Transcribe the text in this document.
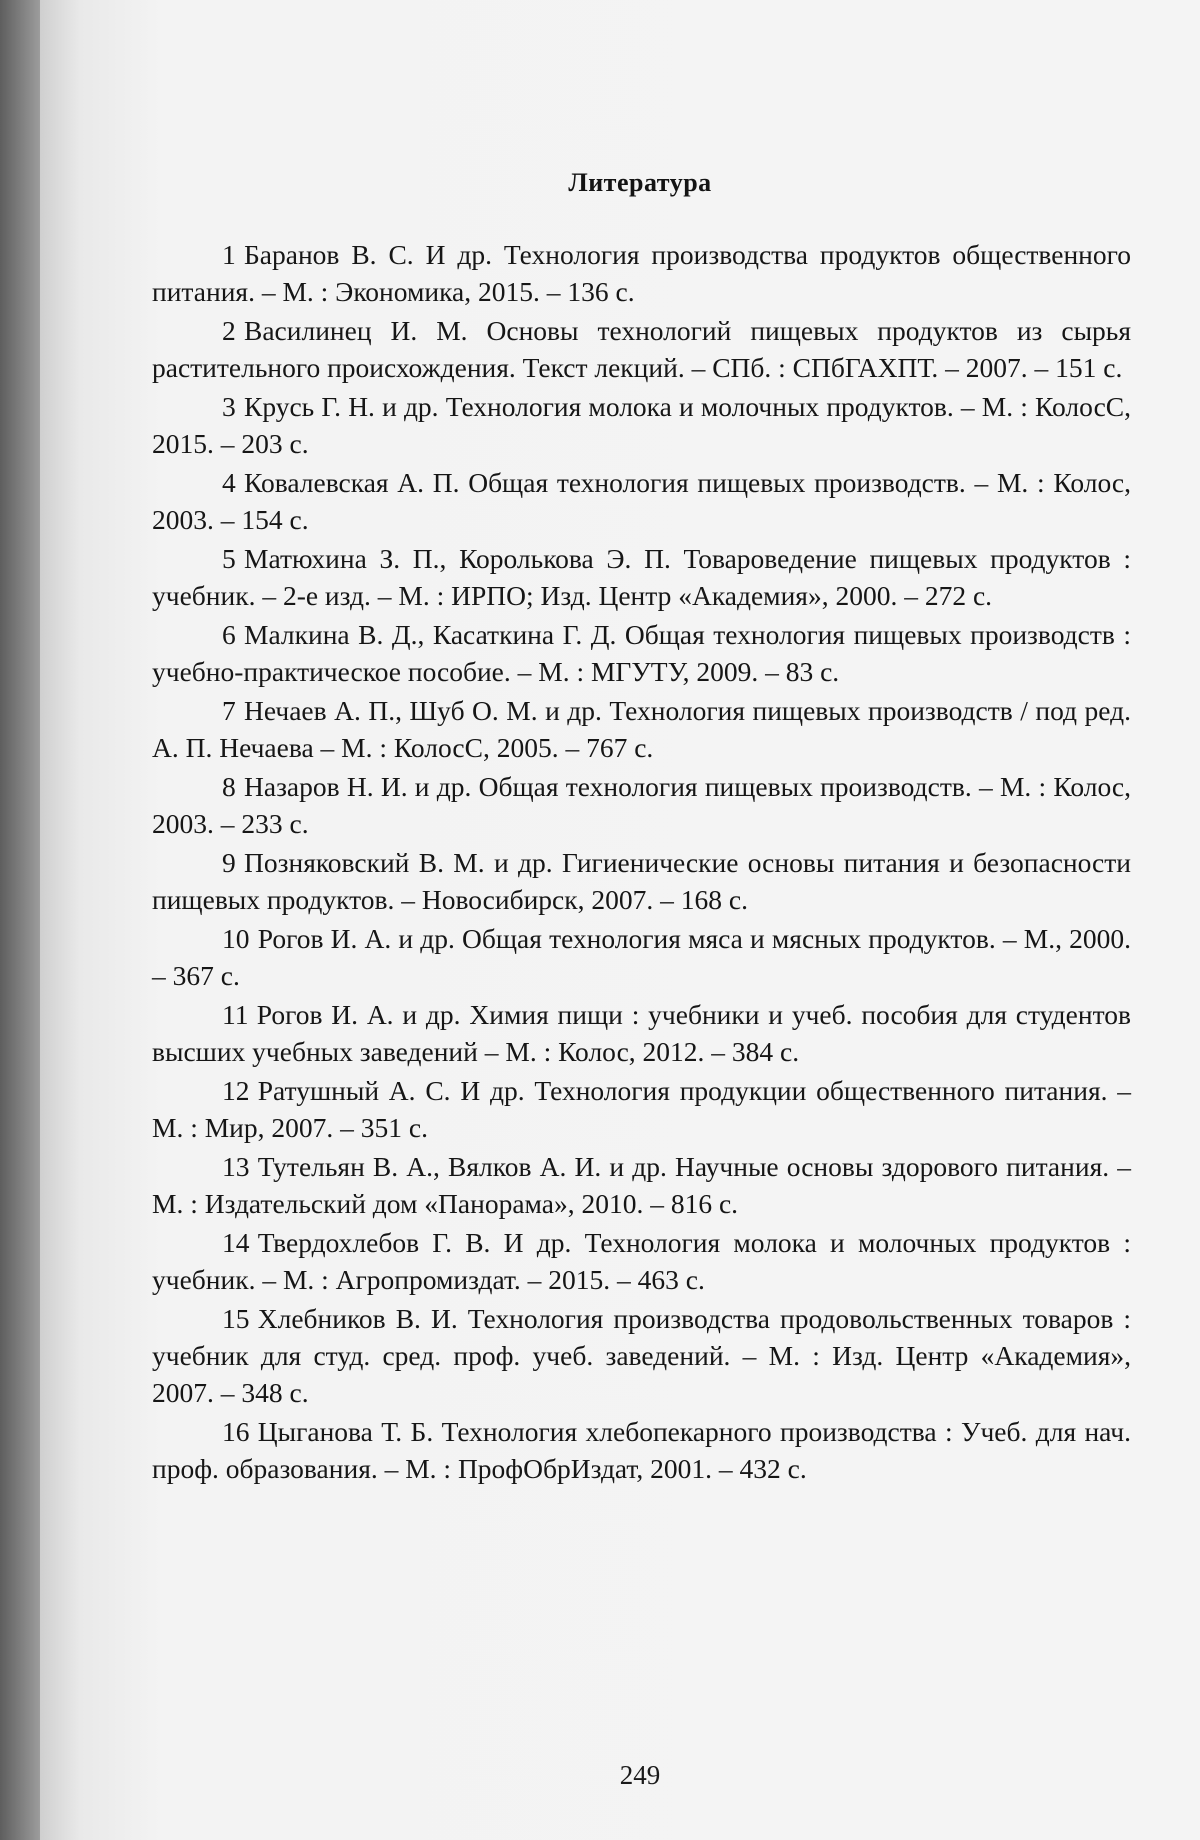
Литература
1 Баранов В. С. И др. Технология производства продуктов общественного питания. – М. : Экономика, 2015. – 136 с.
2 Василинец И. М. Основы технологий пищевых продуктов из сырья растительного происхождения. Текст лекций. – СПб. : СПбГАХПТ. – 2007. – 151 с.
3 Крусь Г. Н. и др. Технология молока и молочных продуктов. – М. : КолосС, 2015. – 203 с.
4 Ковалевская А. П. Общая технология пищевых производств. – М. : Колос, 2003. – 154 с.
5 Матюхина З. П., Королькова Э. П. Товароведение пищевых продуктов : учебник. – 2-е изд. – М. : ИРПО; Изд. Центр «Академия», 2000. – 272 с.
6 Малкина В. Д., Касаткина Г. Д. Общая технология пищевых производств : учебно-практическое пособие. – М. : МГУТУ, 2009. – 83 с.
7 Нечаев А. П., Шуб О. М. и др. Технология пищевых производств / под ред. А. П. Нечаева – М. : КолосС, 2005. – 767 с.
8 Назаров Н. И. и др. Общая технология пищевых производств. – М. : Колос, 2003. – 233 с.
9 Позняковский В. М. и др. Гигиенические основы питания и безопасности пищевых продуктов. – Новосибирск, 2007. – 168 с.
10 Рогов И. А. и др. Общая технология мяса и мясных продуктов. – М., 2000. – 367 с.
11 Рогов И. А. и др. Химия пищи : учебники и учеб. пособия для студентов высших учебных заведений – М. : Колос, 2012. – 384 с.
12 Ратушный А. С. И др. Технология продукции общественного питания. – М. : Мир, 2007. – 351 с.
13 Тутельян В. А., Вялков А. И. и др. Научные основы здорового питания. – М. : Издательский дом «Панорама», 2010. – 816 с.
14 Твердохлебов Г. В. И др. Технология молока и молочных продуктов : учебник. – М. : Агропромиздат. – 2015. – 463 с.
15 Хлебников В. И. Технология производства продовольственных товаров : учебник для студ. сред. проф. учеб. заведений. – М. : Изд. Центр «Академия», 2007. – 348 с.
16 Цыганова Т. Б. Технология хлебопекарного производства : Учеб. для нач. проф. образования. – М. : ПрофОбрИздат, 2001. – 432 с.
249
